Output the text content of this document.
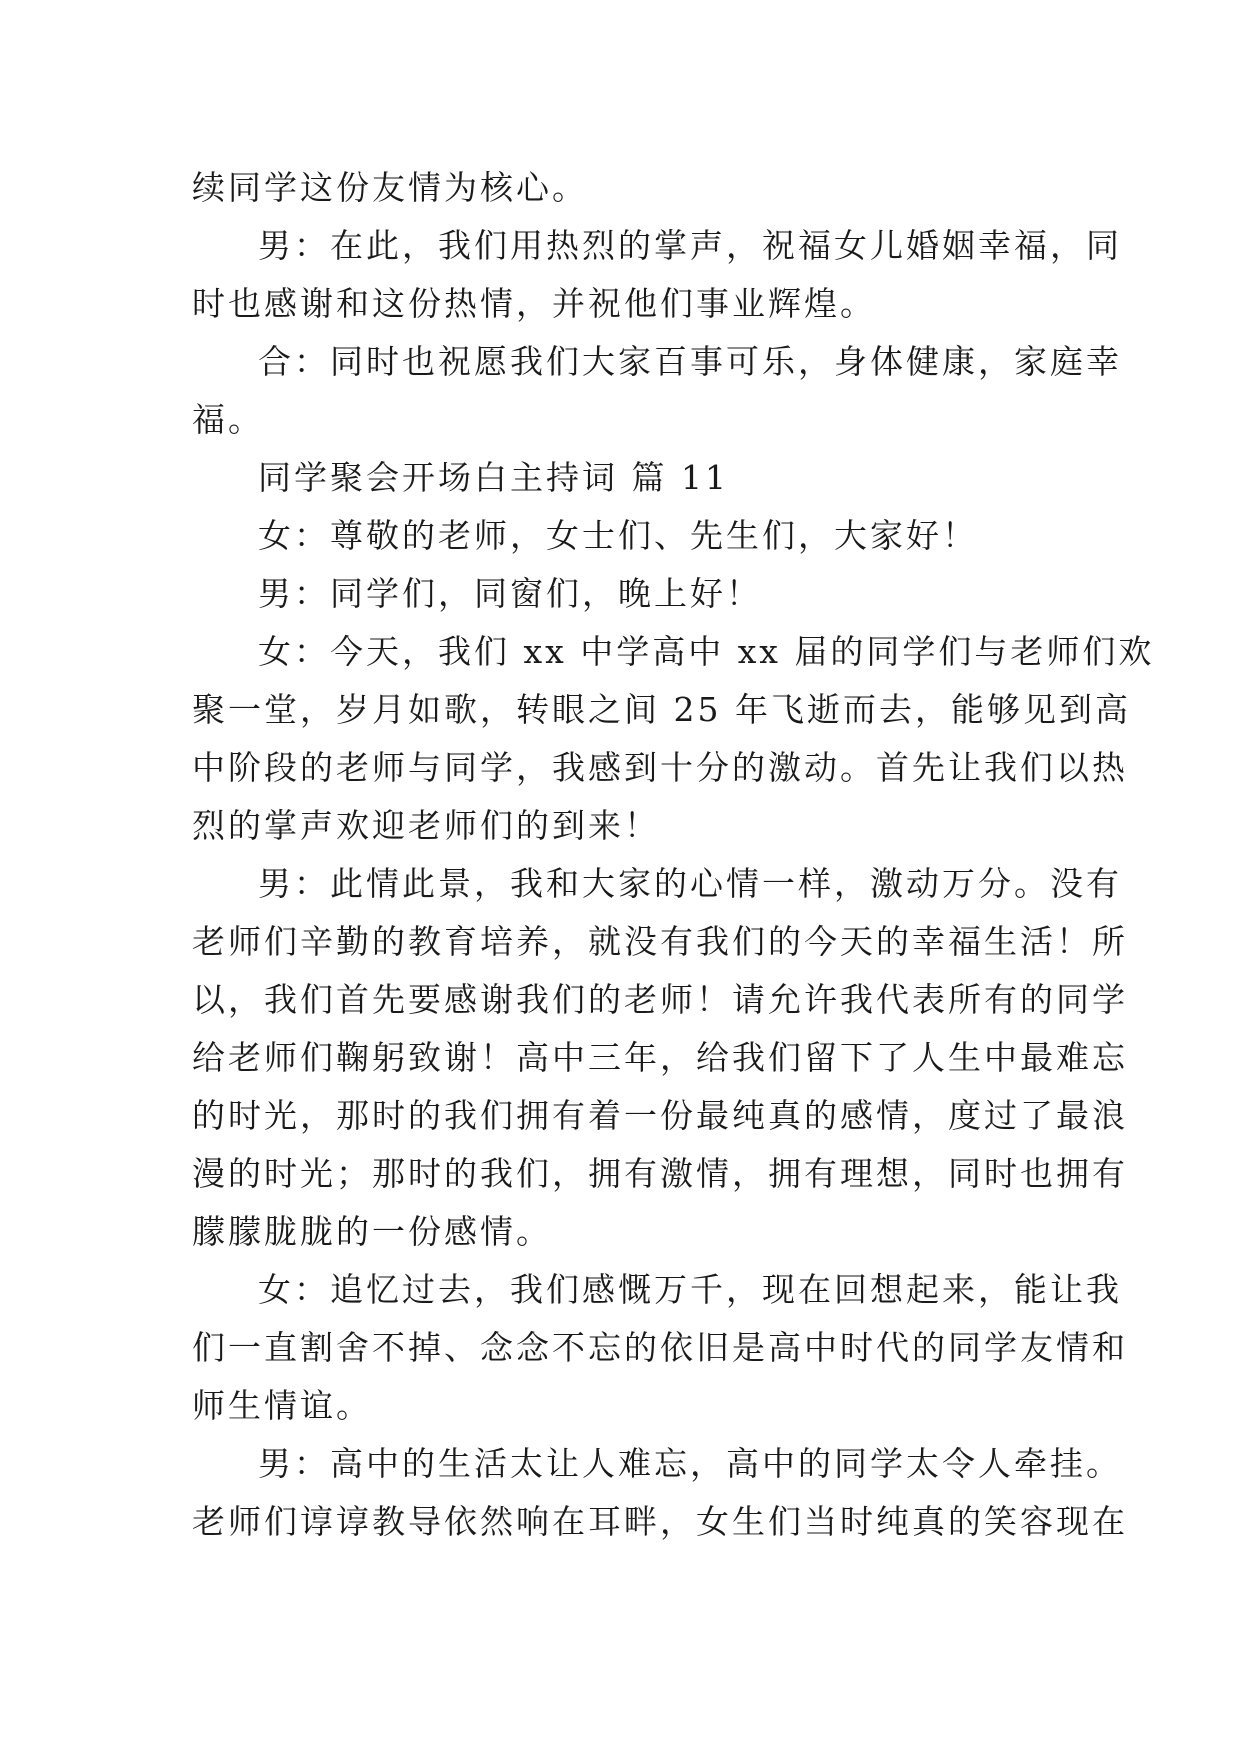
续同学这份友情为核心。
男：在此，我们用热烈的掌声，祝福女儿婚姻幸福，同
时也感谢和这份热情，并祝他们事业辉煌。
合：同时也祝愿我们大家百事可乐，身体健康，家庭幸
福。
同学聚会开场白主持词 篇 11
女：尊敬的老师，女士们、先生们，大家好！
男：同学们，同窗们，晚上好！
女：今天，我们 xx 中学高中 xx 届的同学们与老师们欢
聚一堂，岁月如歌，转眼之间 25 年飞逝而去，能够见到高
中阶段的老师与同学，我感到十分的激动。首先让我们以热
烈的掌声欢迎老师们的到来！
男：此情此景，我和大家的心情一样，激动万分。没有
老师们辛勤的教育培养，就没有我们的今天的幸福生活！所
以，我们首先要感谢我们的老师！请允许我代表所有的同学
给老师们鞠躬致谢！高中三年，给我们留下了人生中最难忘
的时光，那时的我们拥有着一份最纯真的感情，度过了最浪
漫的时光；那时的我们，拥有激情，拥有理想，同时也拥有
朦朦胧胧的一份感情。
女：追忆过去，我们感慨万千，现在回想起来，能让我
们一直割舍不掉、念念不忘的依旧是高中时代的同学友情和
师生情谊。
男：高中的生活太让人难忘，高中的同学太令人牵挂。
老师们谆谆教导依然响在耳畔，女生们当时纯真的笑容现在
